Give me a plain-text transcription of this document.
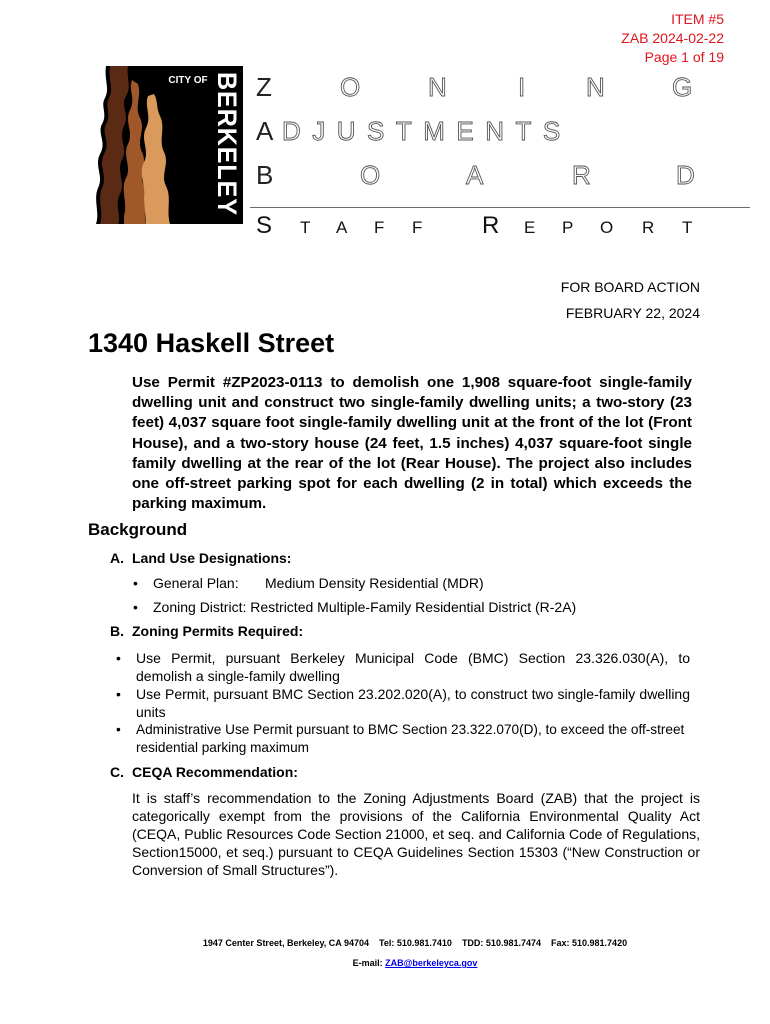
ITEM #5
ZAB 2024-02-22
Page 1 of 19
CITY OF BERKELEY Z	O	N	I N	G
A DJUSTMENTS
B	O	A	R	D
S T A F F R E P O R T
FOR BOARD ACTION
FEBRUARY 22, 2024
1340 Haskell Street
Use Permit #ZP2023-0113 to demolish one 1,908 square-foot single-family dwelling unit and construct two single-family dwelling units; a two-story (23 feet) 4,037 square foot single-family dwelling unit at the front of the lot (Front House), and a two-story house (24 feet, 1.5 inches) 4,037 square-foot single family dwelling at the rear of the lot (Rear House). The project also includes one off-street parking spot for each dwelling (2 in total) which exceeds the parking maximum.
Background
A. Land Use Designations:
• General Plan: Medium Density Residential (MDR)
• Zoning District: Restricted Multiple-Family Residential District (R-2A)
B. Zoning Permits Required:
• Use Permit, pursuant Berkeley Municipal Code (BMC) Section 23.326.030(A), to demolish a single-family dwelling
• Use Permit, pursuant BMC Section 23.202.020(A), to construct two single-family dwelling units
• Administrative Use Permit pursuant to BMC Section 23.322.070(D), to exceed the off-street residential parking maximum
C. CEQA Recommendation:
It is staff’s recommendation to the Zoning Adjustments Board (ZAB) that the project is categorically exempt from the provisions of the California Environmental Quality Act (CEQA, Public Resources Code Section 21000, et seq. and California Code of Regulations, Section15000, et seq.) pursuant to CEQA Guidelines Section 15303 (“New Construction or Conversion of Small Structures”).
1947 Center Street, Berkeley, CA 94704 Tel: 510.981.7410 TDD: 510.981.7474 Fax: 510.981.7420
E-mail: ZAB@berkeleyca.gov
